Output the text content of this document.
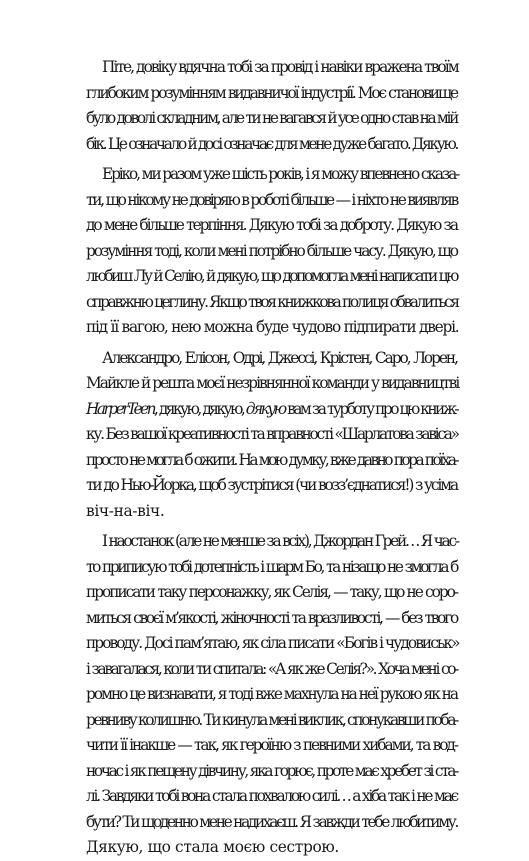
Піте, довіку вдячна тобі за провід і навіки вражена твоїм
глибоким розумінням видавничої індустрії. Моє становище
було доволі складним, але ти не вагався й усе одно став на мій
бік. Це означало й досі означає для мене дуже багато. Дякую.
Еріко, ми разом уже шість років, і я можу впевнено сказа-
ти, що нікому не довіряю в роботі більше — і ніхто не виявляв
до мене більше терпіння. Дякую тобі за доброту. Дякую за
розуміння тоді, коли мені потрібно більше часу. Дякую, що
любиш Лу й Селію, й дякую, що допомогла мені написати цю
справжню цеглину. Якщо твоя книжкова полиця обвалиться
під її вагою, нею можна буде чудово підпирати двері.
Александро, Елісон, Одрі, Джессі, Крістен, Саро, Лорен,
Майкле й решта моєї незрівнянної команди у видавництві
HarperTeen, дякую, дякую, дякую вам за турботу про цю книж-
ку. Без вашої креативності та вправності «Шарлатова завіса»
просто не могла б ожити. На мою думку, вже давно пора поїха-
ти до Нью-Йорка, щоб зустрітися (чи возз’єднатися!) з усіма
віч-на-віч.
І наостанок (але не менше за всіх), Джордан Грей… Я час-
то приписую тобі дотепність і шарм Бо, та нізащо не змогла б
прописати таку персонажку, як Селія, — таку, що не соро-
миться своєї м’якості, жіночності та вразливості, — без твого
проводу. Досі пам’ятаю, як сіла писати «Богів і чудовиськ»
і завагалася, коли ти спитала: «А як же Селія?». Хоча мені со-
ромно це визнавати, я тоді вже махнула на неї рукою як на
ревниву колишню. Ти кинула мені виклик, спонукавши поба-
чити її інакше — так, як героїню з певними хибами, та вод-
ночас і як пещену дівчину, яка горює, проте має хребет зі ста-
лі. Завдяки тобі вона стала похвалою силі… а хіба так і не має
бути? Ти щоденно мене надихаєш. Я завжди тебе любитиму.
Дякую, що стала моєю сестрою.
